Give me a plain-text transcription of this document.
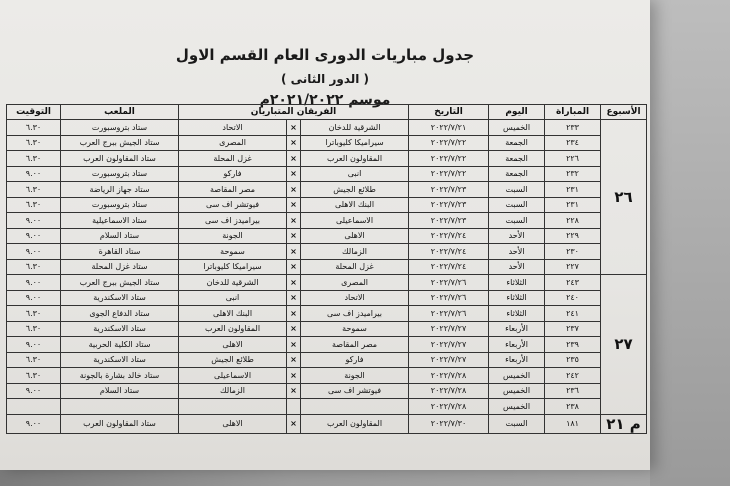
جدول مباريات الدورى العام القسم الاول
( الدور الثانى )
موسم ٢٠٢١/٢٠٢٢م
الأسبوع	المباراة	اليوم	التاريخ	الفريقان المتباريان			الملعب	التوقيت
٢٦	٢٣٣	الخميس	٢٠٢٢/٧/٢١	الشرقية للدخان	×	الاتحاد	ستاد بتروسبورت	٦.٣٠
	٢٣٤	الجمعة	٢٠٢٢/٧/٢٢	سيراميكا كليوباترا	×	المصرى	ستاد الجيش ببرج العرب	٦.٣٠
	٢٢٦	الجمعة	٢٠٢٢/٧/٢٢	المقاولون العرب	×	غزل المحلة	ستاد المقاولون العرب	٦.٣٠
	٢٣٢	الجمعة	٢٠٢٢/٧/٢٢	انبى	×	فاركو	ستاد بتروسبورت	٩.٠٠
	٢٣١	السبت	٢٠٢٢/٧/٢٣	طلائع الجيش	×	مصر المقاصة	ستاد جهاز الرياضة	٦.٣٠
	٢٣١	السبت	٢٠٢٢/٧/٢٣	البنك الاهلى	×	فيوتشر اف سى	ستاد بتروسبورت	٦.٣٠
	٢٢٨	السبت	٢٠٢٢/٧/٢٣	الاسماعيلى	×	بيراميدز اف سى	ستاد الاسماعيلية	٩.٠٠
	٢٢٩	الأحد	٢٠٢٢/٧/٢٤	الاهلى	×	الجونة	ستاد السلام	٩.٠٠
	٢٣٠	الأحد	٢٠٢٢/٧/٢٤	الزمالك	×	سموحة	ستاد القاهرة	٩.٠٠
	٢٢٧	الأحد	٢٠٢٢/٧/٢٤	غزل المحلة	×	سيراميكا كليوباترا	ستاد غزل المحلة	٦.٣٠
٢٧	٢٤٣	الثلاثاء	٢٠٢٢/٧/٢٦	المصرى	×	الشرقية للدخان	ستاد الجيش ببرج العرب	٩.٠٠
	٢٤٠	الثلاثاء	٢٠٢٢/٧/٢٦	الاتحاد	×	انبى	ستاد الاسكندرية	٩.٠٠
	٢٤١	الثلاثاء	٢٠٢٢/٧/٢٦	بيراميدز اف سى	×	البنك الاهلى	ستاد الدفاع الجوى	٦.٣٠
	٢٣٧	الأربعاء	٢٠٢٢/٧/٢٧	سموحة	×	المقاولون العرب	ستاد الاسكندرية	٦.٣٠
	٢٣٩	الأربعاء	٢٠٢٢/٧/٢٧	مصر المقاصة	×	الاهلى	ستاد الكلية الحربية	٩.٠٠
	٢٣٥	الأربعاء	٢٠٢٢/٧/٢٧	فاركو	×	طلائع الجيش	ستاد الاسكندرية	٦.٣٠
	٢٤٢	الخميس	٢٠٢٢/٧/٢٨	الجونة	×	الاسماعيلى	ستاد خالد بشارة بالجونة	٦.٣٠
	٢٣٦	الخميس	٢٠٢٢/٧/٢٨	فيوتشر اف سى	×	الزمالك	ستاد السلام	٩.٠٠
	٢٣٨	الخميس	٢٠٢٢/٧/٢٨					
م ٢١	١٨١	السبت	٢٠٢٢/٧/٣٠	المقاولون العرب	×	الاهلى	ستاد المقاولون العرب	٩.٠٠
